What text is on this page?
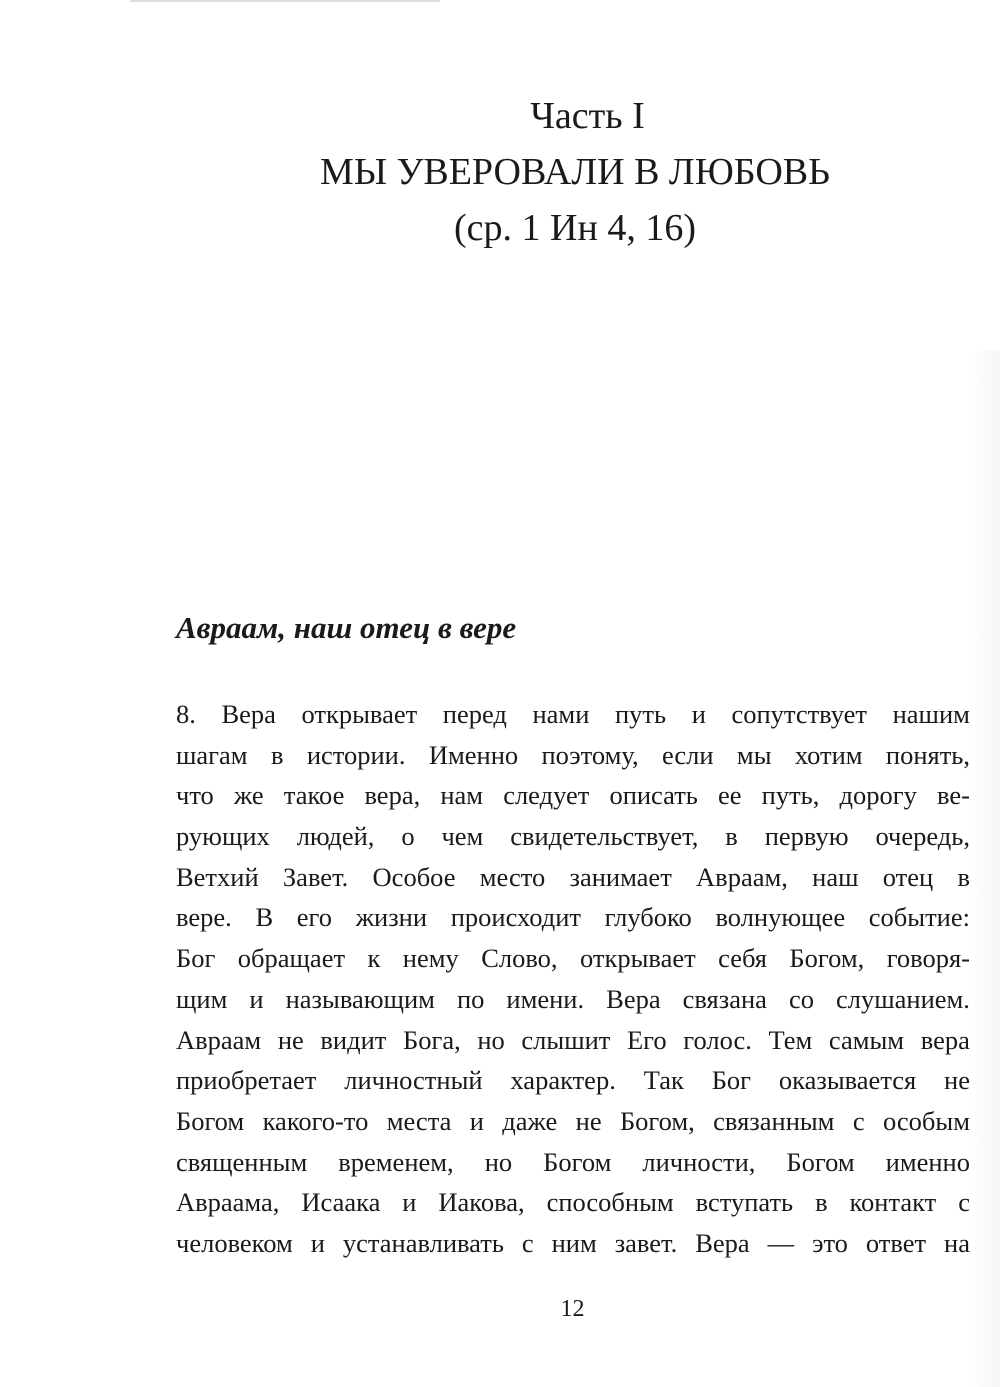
Часть I
МЫ УВЕРОВАЛИ В ЛЮБОВЬ
(ср. 1 Ин 4, 16)
Авраам, наш отец в вере
8. Вера открывает перед нами путь и сопутствует нашим
шагам в истории. Именно поэтому, если мы хотим понять,
что же такое вера, нам следует описать ее путь, дорогу ве-
рующих людей, о чем свидетельствует, в первую очередь,
Ветхий Завет. Особое место занимает Авраам, наш отец в
вере. В его жизни происходит глубоко волнующее событие:
Бог обращает к нему Слово, открывает себя Богом, говоря-
щим и называющим по имени. Вера связана со слушанием.
Авраам не видит Бога, но слышит Его голос. Тем самым вера
приобретает личностный характер. Так Бог оказывается не
Богом какого-то места и даже не Богом, связанным с особым
священным временем, но Богом личности, Богом именно
Авраама, Исаака и Иакова, способным вступать в контакт с
человеком и устанавливать с ним завет. Вера — это ответ на
12
